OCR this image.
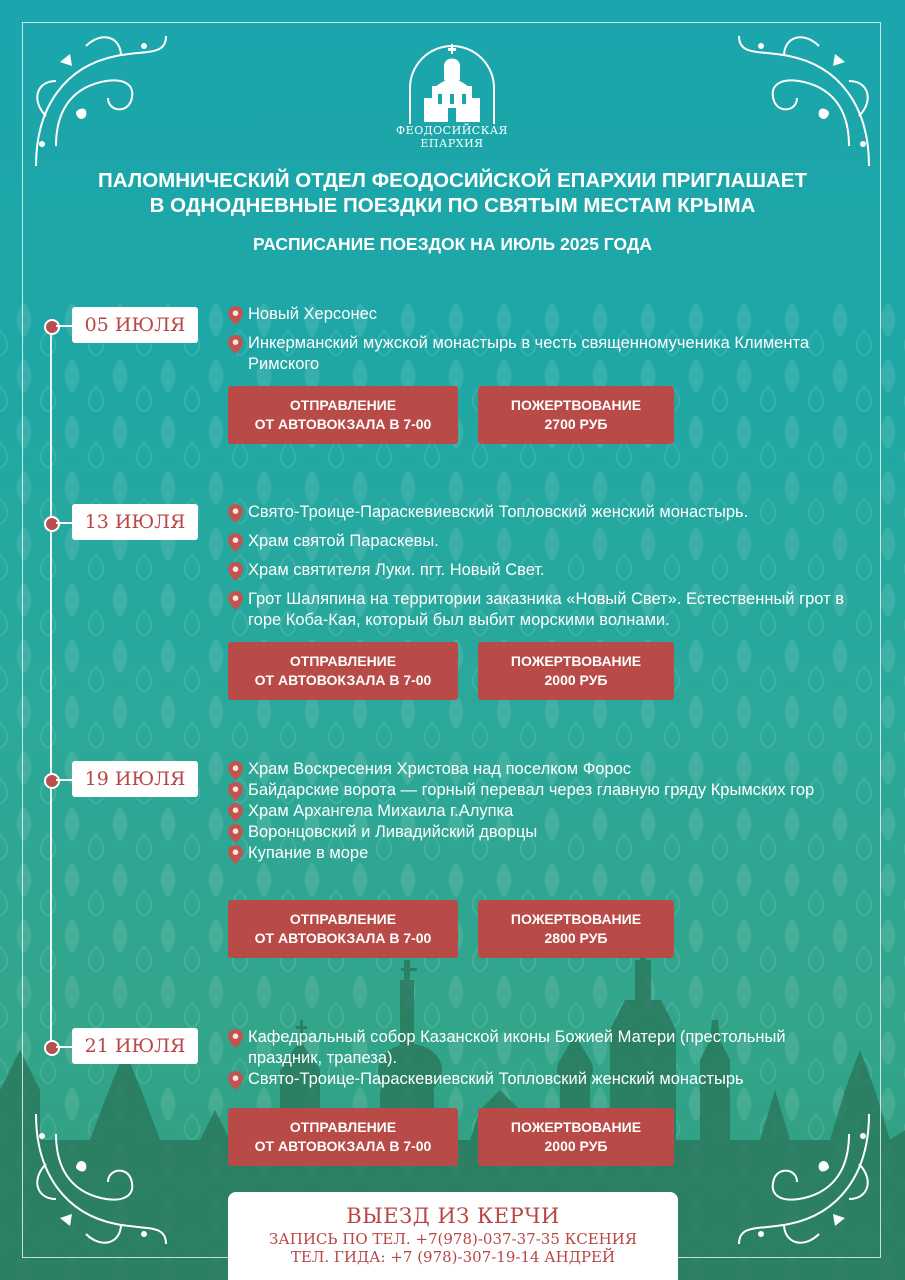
ФЕОДОСИЙСКАЯ
ЕПАРХИЯ
ПАЛОМНИЧЕСКИЙ ОТДЕЛ ФЕОДОСИЙСКОЙ ЕПАРХИИ ПРИГЛАШАЕТ
В ОДНОДНЕВНЫЕ ПОЕЗДКИ ПО СВЯТЫМ МЕСТАМ КРЫМА
РАСПИСАНИЕ ПОЕЗДОК НА ИЮЛЬ 2025 ГОДА
05 ИЮЛЯ	Новый Херсонес
Инкерманский мужской монастырь в честь священномученика Климента Римского
ОТПРАВЛЕНИЕ
ОТ АВТОВОКЗАЛА В 7-00
ПОЖЕРТВОВАНИЕ
2700 РУБ
13 ИЮЛЯ	Свято-Троице-Параскевиевский Топловский женский монастырь.
Храм святой Параскевы.
Храм святителя Луки. пгт. Новый Свет.
Грот Шаляпина на территории заказника «Новый Свет». Естественный грот в горе Коба-Кая, который был выбит морскими волнами.
ОТПРАВЛЕНИЕ
ОТ АВТОВОКЗАЛА В 7-00
ПОЖЕРТВОВАНИЕ
2000 РУБ
19 ИЮЛЯ	Храм Воскресения Христова над поселком Форос
Байдарские ворота — горный перевал через главную гряду Крымских гор
Храм Архангела Михаила г.Алупка
Воронцовский и Ливадийский дворцы
Купание в море
ОТПРАВЛЕНИЕ
ОТ АВТОВОКЗАЛА В 7-00
ПОЖЕРТВОВАНИЕ
2800 РУБ
21 ИЮЛЯ	Кафедральный собор Казанской иконы Божией Матери (престольный праздник, трапеза).
Свято-Троице-Параскевиевский Топловский женский монастырь
ОТПРАВЛЕНИЕ
ОТ АВТОВОКЗАЛА В 7-00
ПОЖЕРТВОВАНИЕ
2000 РУБ
ВЫЕЗД ИЗ КЕРЧИ
ЗАПИСЬ ПО ТЕЛ. +7(978)-037-37-35 КСЕНИЯ
ТЕЛ. ГИДА: +7 (978)-307-19-14 АНДРЕЙ
